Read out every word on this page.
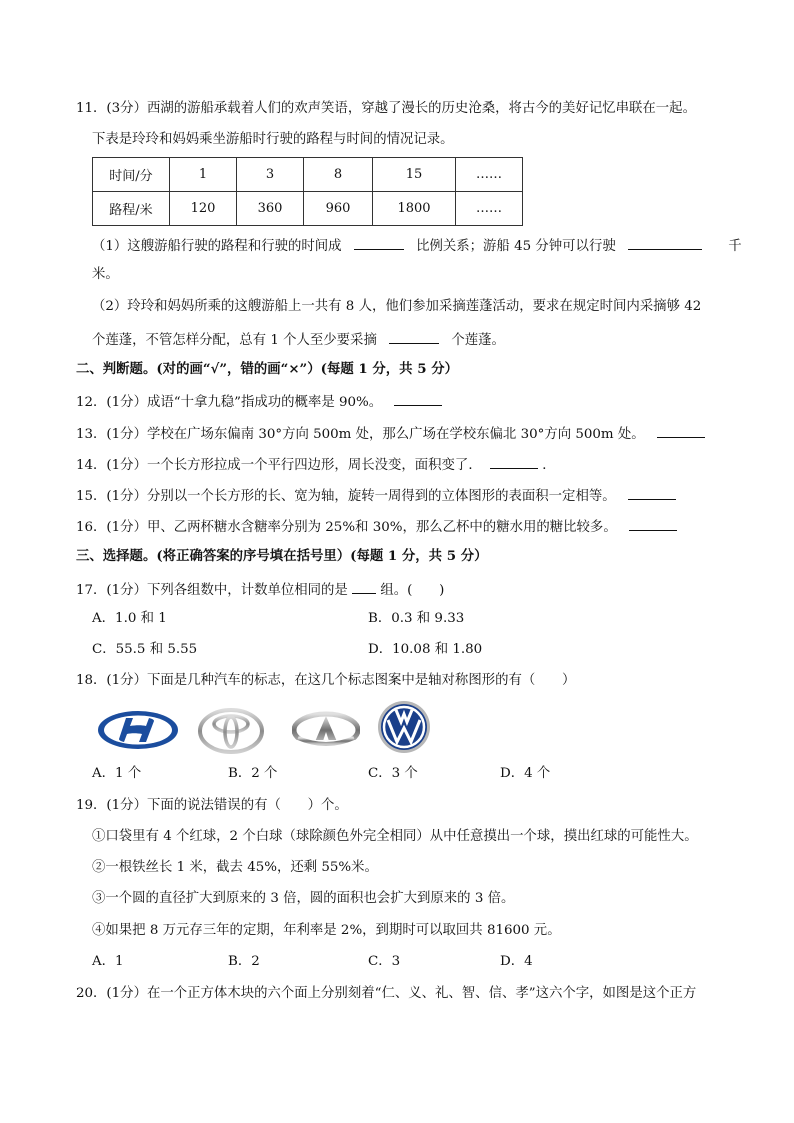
11．(3分）西湖的游船承载着人们的欢声笑语，穿越了漫长的历史沧桑，将古今的美好记忆串联在一起。
下表是玲玲和妈妈乘坐游船时行驶的路程与时间的情况记录。
时间/分	1	3	8	15	……
路程/米	120	360	960	1800	……
（1）这艘游船行驶的路程和行驶的时间成	比例关系；游船 45 分钟可以行驶	千
米。
（2）玲玲和妈妈所乘的这艘游船上一共有 8 人，他们参加采摘莲蓬活动，要求在规定时间内采摘够 42
个莲蓬，不管怎样分配，总有 1 个人至少要采摘	个莲蓬。
二、判断题。(对的画“√”，错的画“×”）(每题 1 分，共 5 分）
12．(1分）成语“十拿九稳”指成功的概率是 90%。
13．(1分）学校在广场东偏南 30°方向 500m 处，那么广场在学校东偏北 30°方向 500m 处。
14．(1分）一个长方形拉成一个平行四边形，周长没变，面积变了．	．
15．(1分）分别以一个长方形的长、宽为轴，旋转一周得到的立体图形的表面积一定相等。
16．(1分）甲、乙两杯糖水含糖率分别为 25%和 30%，那么乙杯中的糖水用的糖比较多。
三、选择题。(将正确答案的序号填在括号里）(每题 1 分，共 5 分）
17．(1分）下列各组数中，计数单位相同的是 组。(　　)
A．1.0 和 1	B．0.3 和 9.33
C．55.5 和 5.55	D．10.08 和 1.80
18．(1分）下面是几种汽车的标志，在这几个标志图案中是轴对称图形的有（　　）
A．1 个	B．2 个	C．3 个	D．4 个
19．(1分）下面的说法错误的有（　　）个。
①口袋里有 4 个红球，2 个白球（球除颜色外完全相同）从中任意摸出一个球，摸出红球的可能性大。
②一根铁丝长 1 米，截去 45%，还剩 55%米。
③一个圆的直径扩大到原来的 3 倍，圆的面积也会扩大到原来的 3 倍。
④如果把 8 万元存三年的定期，年利率是 2%，到期时可以取回共 81600 元。
A．1	B．2	C．3	D．4
20．(1分）在一个正方体木块的六个面上分别刻着“仁、义、礼、智、信、孝”这六个字，如图是这个正方
